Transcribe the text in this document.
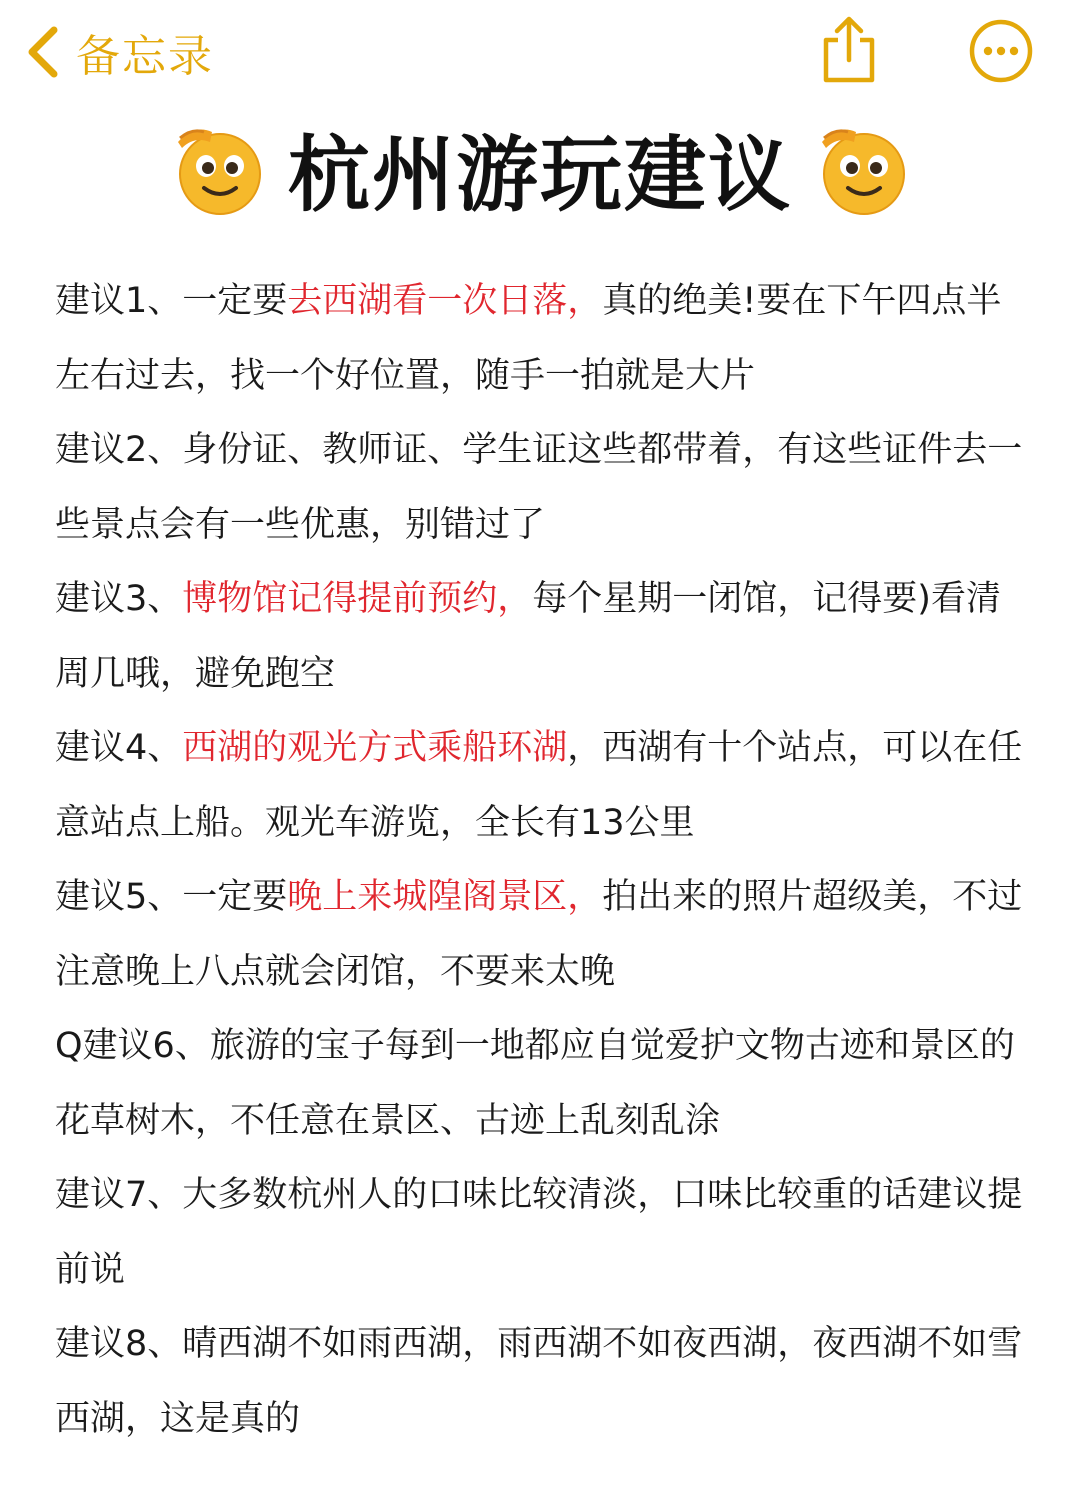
备忘录
杭州游玩建议

建议1、一定要去西湖看一次日落，真的绝美!要在下午四点半左右过去，找一个好位置，随手一拍就是大片

建议2、身份证、教师证、学生证这些都带着，有这些证件去一些景点会有一些优惠，别错过了

建议3、博物馆记得提前预约，每个星期一闭馆，记得要)看清周几哦，避免跑空

建议4、西湖的观光方式乘船环湖，西湖有十个站点，可以在任意站点上船。观光车游览，全长有13公里

建议5、一定要晚上来城隍阁景区，拍出来的照片超级美，不过注意晚上八点就会闭馆，不要来太晚

Q建议6、旅游的宝子每到一地都应自觉爱护文物古迹和景区的花草树木，不任意在景区、古迹上乱刻乱涂

建议7、大多数杭州人的口味比较清淡，口味比较重的话建议提前说

建议8、晴西湖不如雨西湖，雨西湖不如夜西湖，夜西湖不如雪西湖，这是真的
